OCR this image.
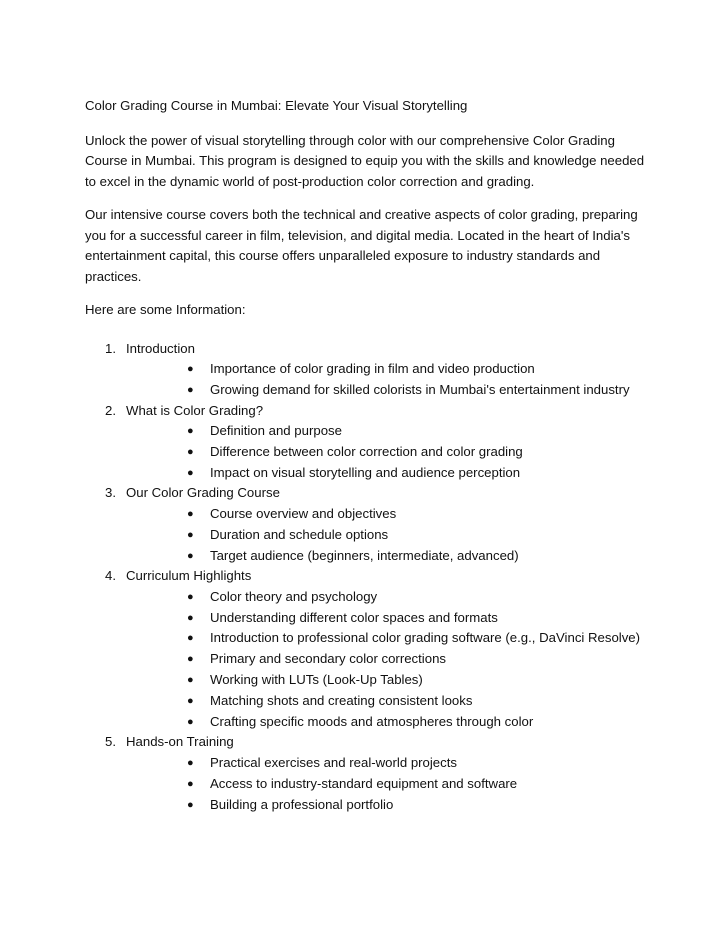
Color Grading Course in Mumbai: Elevate Your Visual Storytelling

Unlock the power of visual storytelling through color with our comprehensive Color Grading Course in Mumbai. This program is designed to equip you with the skills and knowledge needed to excel in the dynamic world of post-production color correction and grading.

Our intensive course covers both the technical and creative aspects of color grading, preparing you for a successful career in film, television, and digital media. Located in the heart of India's entertainment capital, this course offers unparalleled exposure to industry standards and practices.

Here are some Information:

1. Introduction
● Importance of color grading in film and video production
● Growing demand for skilled colorists in Mumbai's entertainment industry
2. What is Color Grading?
● Definition and purpose
● Difference between color correction and color grading
● Impact on visual storytelling and audience perception
3. Our Color Grading Course
● Course overview and objectives
● Duration and schedule options
● Target audience (beginners, intermediate, advanced)
4. Curriculum Highlights
● Color theory and psychology
● Understanding different color spaces and formats
● Introduction to professional color grading software (e.g., DaVinci Resolve)
● Primary and secondary color corrections
● Working with LUTs (Look-Up Tables)
● Matching shots and creating consistent looks
● Crafting specific moods and atmospheres through color
5. Hands-on Training
● Practical exercises and real-world projects
● Access to industry-standard equipment and software
● Building a professional portfolio
